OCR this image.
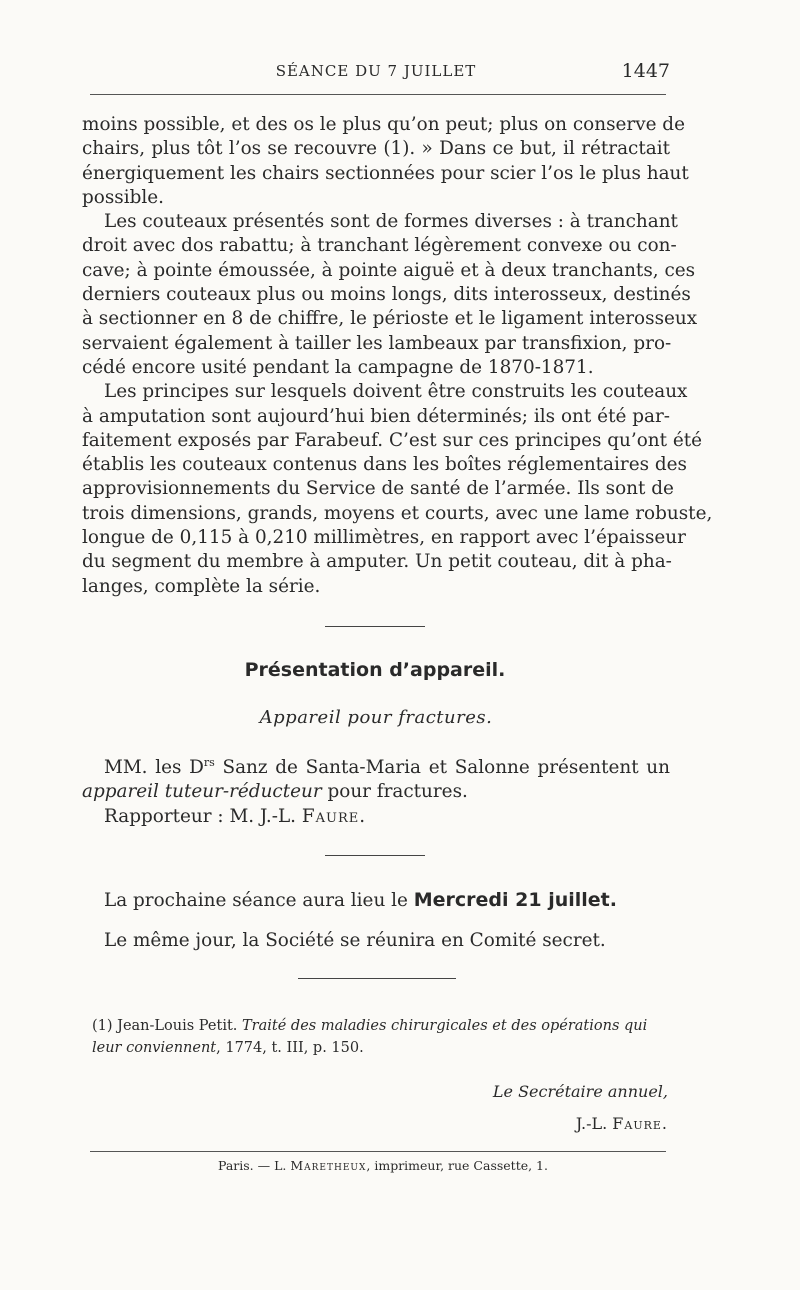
SÉANCE DU 7 JUILLET	1447
moins possible, et des os le plus qu’on peut; plus on conserve de
chairs, plus tôt l’os se recouvre (1). » Dans ce but, il rétractait
énergiquement les chairs sectionnées pour scier l’os le plus haut
possible.
Les couteaux présentés sont de formes diverses : à tranchant
droit avec dos rabattu; à tranchant légèrement convexe ou con-
cave; à pointe émoussée, à pointe aiguë et à deux tranchants, ces
derniers couteaux plus ou moins longs, dits interosseux, destinés
à sectionner en 8 de chiffre, le périoste et le ligament interosseux
servaient également à tailler les lambeaux par transfixion, pro-
cédé encore usité pendant la campagne de 1870-1871.
Les principes sur lesquels doivent être construits les couteaux
à amputation sont aujourd’hui bien déterminés; ils ont été par-
faitement exposés par Farabeuf. C’est sur ces principes qu’ont été
établis les couteaux contenus dans les boîtes réglementaires des
approvisionnements du Service de santé de l’armée. Ils sont de
trois dimensions, grands, moyens et courts, avec une lame robuste,
longue de 0,115 à 0,210 millimètres, en rapport avec l’épaisseur
du segment du membre à amputer. Un petit couteau, dit à pha-
langes, complète la série.
Présentation d’appareil.
Appareil pour fractures.
MM. les $D^{rs}$ Sanz de Santa-Maria et Salonne présentent un
appareil tuteur-réducteur pour fractures.
Rapporteur : M. J.-L. Faure.
La prochaine séance aura lieu le Mercredi 21 juillet.
Le même jour, la Société se réunira en Comité secret.
(1) Jean-Louis Petit. Traité des maladies chirurgicales et des opérations qui leur conviennent, 1774, t. III, p. 150.
Le Secrétaire annuel,
J.-L. Faure.
Paris. — L. Maretheux, imprimeur, rue Cassette, 1.
